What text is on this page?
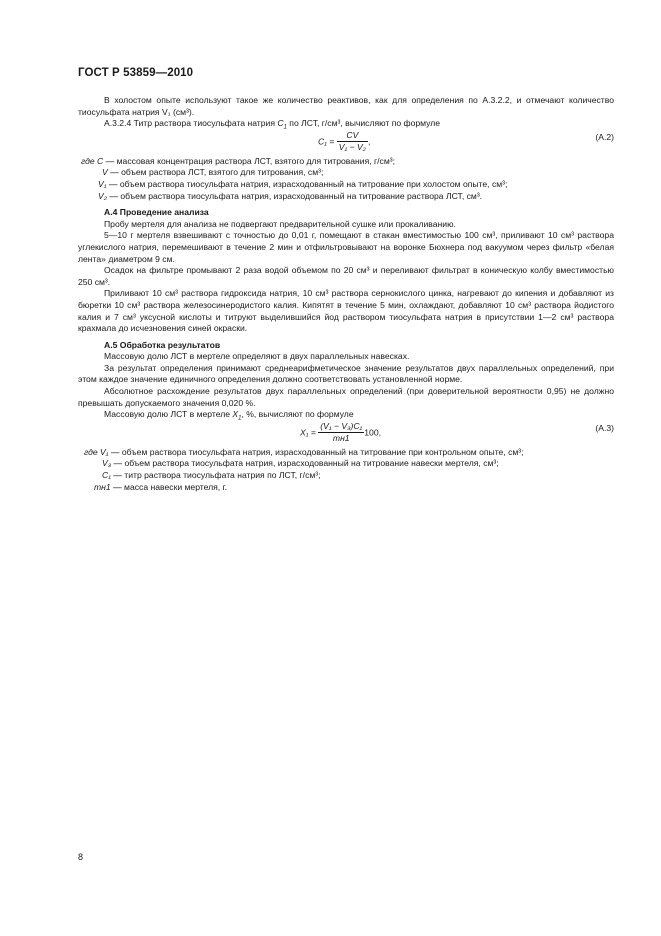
ГОСТ Р 53859—2010

В холостом опыте используют такое же количество реактивов, как для определения по А.3.2.2, и отмечают количество тиосульфата натрия V₁ (см³).

А.3.2.4 Титр раствора тиосульфата натрия $C_1$ по ЛСТ, г/см³, вычисляют по формуле

$C_1 = \frac{CV}{\text{V₁ − V₂}}$ ,	(А.2)
где C —
массовая концентрация раствора ЛСТ, взятого для титрования, г/см³;
V —
объем раствора ЛСТ, взятого для титрования, см³;
V₁ —
объем раствора тиосульфата натрия, израсходованный на титрование при холостом опыте, см³;
V₂ —
объем раствора тиосульфата натрия, израсходованный на титрование раствора ЛСТ, см³.

А.4 Проведение анализа

Пробу мертеля для анализа не подвергают предварительной сушке или прокаливанию.

5—10 г мертеля взвешивают с точностью до 0,01 г, помещают в стакан вместимостью 100 см³, приливают 10 см³ раствора углекислого натрия, перемешивают в течение 2 мин и отфильтровывают на воронке Бюхнера под вакуумом через фильтр «белая лента» диаметром 9 см.

Осадок на фильтре промывают 2 раза водой объемом по 20 см³ и переливают фильтрат в коническую колбу вместимостью 250 см³.

Приливают 10 см³ раствора гидроксида натрия, 10 см³ раствора сернокислого цинка, нагревают до кипения и добавляют из бюретки 10 см³ раствора железосинеродистого калия. Кипятят в течение 5 мин, охлаждают, добавляют 10 см³ раствора йодистого калия и 7 см³ уксусной кислоты и титруют выделившийся йод раствором тиосульфата натрия в присутствии 1—2 см³ раствора крахмала до исчезновения синей окраски.

А.5 Обработка результатов

Массовую долю ЛСТ в мертеле определяют в двух параллельных навесках.

За результат определения принимают среднеарифметическое значение результатов двух параллельных определений, при этом каждое значение единичного определения должно соответствовать установленной норме.

Абсолютное расхождение результатов двух параллельных определений (при доверительной вероятности 0,95) не должно превышать допускаемого значения 0,020 %.

Массовую долю ЛСТ в мертеле $X_1$, %, вычисляют по формуле

$X_1 = \frac{\text{(V₁ − V₃)C₁}}{mн1} 100$,	(А.3)
где V₁ —
объем раствора тиосульфата натрия, израсходованный на титрование при контрольном опыте, см³;
V₃ —
объем раствора тиосульфата натрия, израсходованный на титрование навески мертеля, см³;
C₁ —
титр раствора тиосульфата натрия по ЛСТ, г/см³;
mн1 —
масса навески мертеля, г.
8
